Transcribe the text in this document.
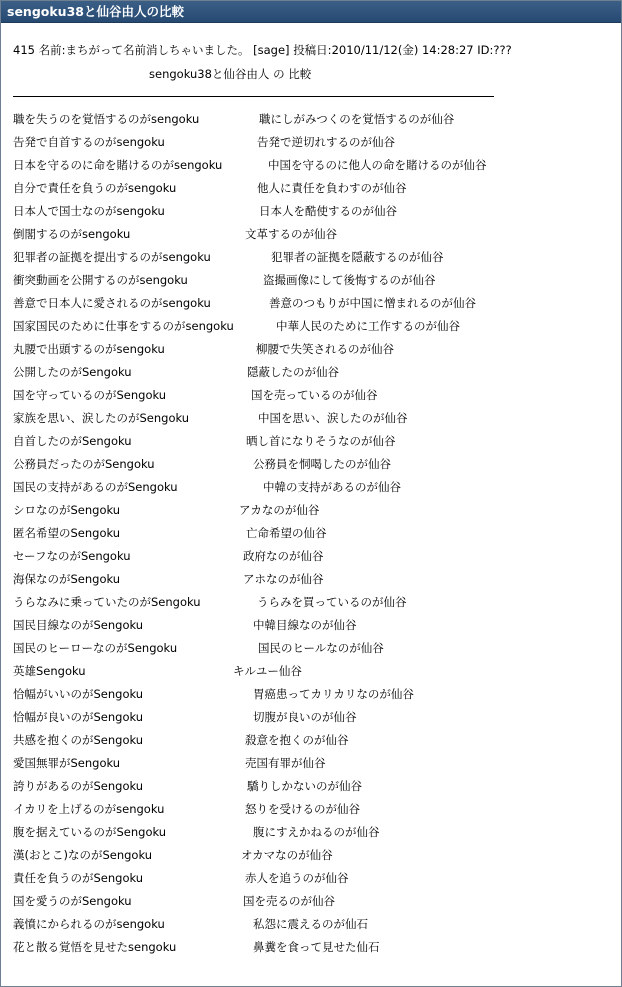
sengoku38と仙谷由人の比較
415 名前:まちがって名前消しちゃいました。 [sage] 投稿日:2010/11/12(金) 14:28:27 ID:???
sengoku38と仙谷由人 の 比較
職を失うのを覚悟するのがsengoku	職にしがみつくのを覚悟するのが仙谷
告発で自首するのがsengoku	告発で逆切れするのが仙谷
日本を守るのに命を賭けるのがsengoku	中国を守るのに他人の命を賭けるのが仙谷
自分で責任を負うのがsengoku	他人に責任を負わすのが仙谷
日本人で国士なのがsengoku	日本人を酷使するのが仙谷
倒閣するのがsengoku	文革するのが仙谷
犯罪者の証拠を提出するのがsengoku	犯罪者の証拠を隠蔽するのが仙谷
衝突動画を公開するのがsengoku	盗撮画像にして後悔するのが仙谷
善意で日本人に愛されるのがsengoku	善意のつもりが中国に憎まれるのが仙谷
国家国民のために仕事をするのがsengoku	中華人民のために工作するのが仙谷
丸腰で出頭するのがsengoku	柳腰で失笑されるのが仙谷
公開したのがSengoku	隠蔽したのが仙谷
国を守っているのがSengoku	国を売っているのが仙谷
家族を思い、涙したのがSengoku	中国を思い、涙したのが仙谷
自首したのがSengoku	晒し首になりそうなのが仙谷
公務員だったのがSengoku	公務員を恫喝したのが仙谷
国民の支持があるのがSengoku	中韓の支持があるのが仙谷
シロなのがSengoku	アカなのが仙谷
匿名希望のSengoku	亡命希望の仙谷
セーフなのがSengoku	政府なのが仙谷
海保なのがSengoku	アホなのが仙谷
うらなみに乗っていたのがSengoku	うらみを買っているのが仙谷
国民目線なのがSengoku	中韓目線なのが仙谷
国民のヒーローなのがSengoku	国民のヒールなのが仙谷
英雄Sengoku	キルユー仙谷
恰幅がいいのがSengoku	胃癌患ってカリカリなのが仙谷
恰幅が良いのがSengoku	切腹が良いのが仙谷
共感を抱くのがSengoku	殺意を抱くのが仙谷
愛国無罪がSengoku	売国有罪が仙谷
誇りがあるのがSengoku	驕りしかないのが仙谷
イカリを上げるのがsengoku	怒りを受けるのが仙谷
腹を据えているのがSengoku	腹にすえかねるのが仙谷
漢(おとこ)なのがSengoku	オカマなのが仙谷
責任を負うのがSengoku	赤人を追うのが仙谷
国を愛うのがSengoku	国を売るのが仙谷
義憤にかられるのがsengoku	私怨に震えるのが仙石
花と散る覚悟を見せたsengoku	鼻糞を食って見せた仙石
